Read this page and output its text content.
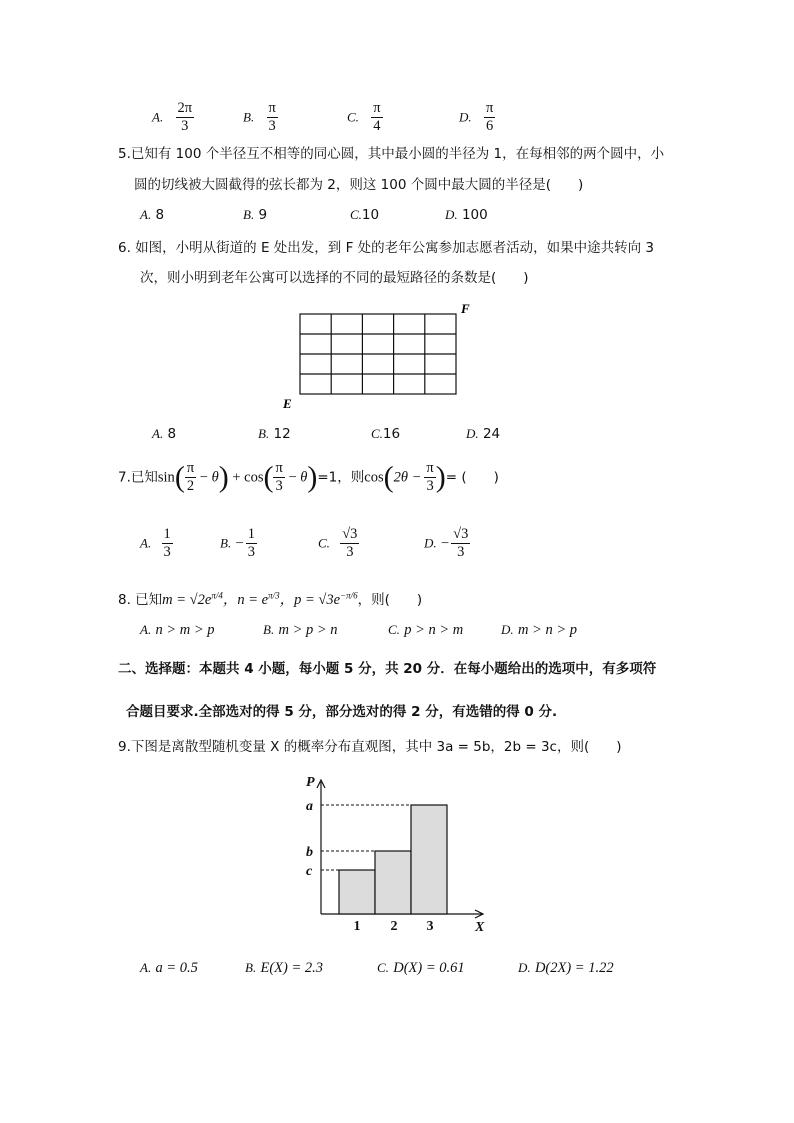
A. $\frac{2\pi}{3}$	B. $\frac{\pi}{3}$	C. $\frac{\pi}{4}$	D. $\frac{\pi}{6}$
5.已知有 100 个半径互不相等的同心圆，其中最小圆的半径为 1，在每相邻的两个圆中，小
圆的切线被大圆截得的弦长都为 2，则这 100 个圆中最大圆的半径是(　　)
A. 8	B. 9	C.10	D. 100
6. 如图，小明从街道的 E 处出发，到 F 处的老年公寓参加志愿者活动，如果中途共转向 3
次，则小明到老年公寓可以选择的不同的最短路径的条数是(　　)
F
E
A. 8	B. 12	C.16	D. 24
7.已知$\sin( \frac{\pi}{2} - \theta) + \cos( \frac{\pi}{3} - \theta)=1$，则$\cos(2\theta - \frac{\pi}{3}$ )= (　　)
A. $\frac{1}{3}$	B. − $\frac{1}{3}$	C. $\frac{√3}{3}$	D. − $\frac{√3}{3}$
8. 已知$m = √2e^{\pi/4}$，$n = e^{\pi/3}$，$p = √3e^{-\pi/6}$，则(　　)
A. n > m > p	B. m > p > n	C. p > n > m	D. m > n > p
二、选择题：本题共 4 小题，每小题 5 分，共 20 分．在每小题给出的选项中，有多项符
合题目要求.全部选对的得 5 分，部分选对的得 2 分，有选错的得 0 分.
9.下图是离散型随机变量 X 的概率分布直观图，其中 3a = 5b，2b = 3c，则(　　)
P
a
b
c
X
1 2 3
A. a = 0.5	B. E(X) = 2.3	C. D(X) = 0.61	D. D(2X) = 1.22
